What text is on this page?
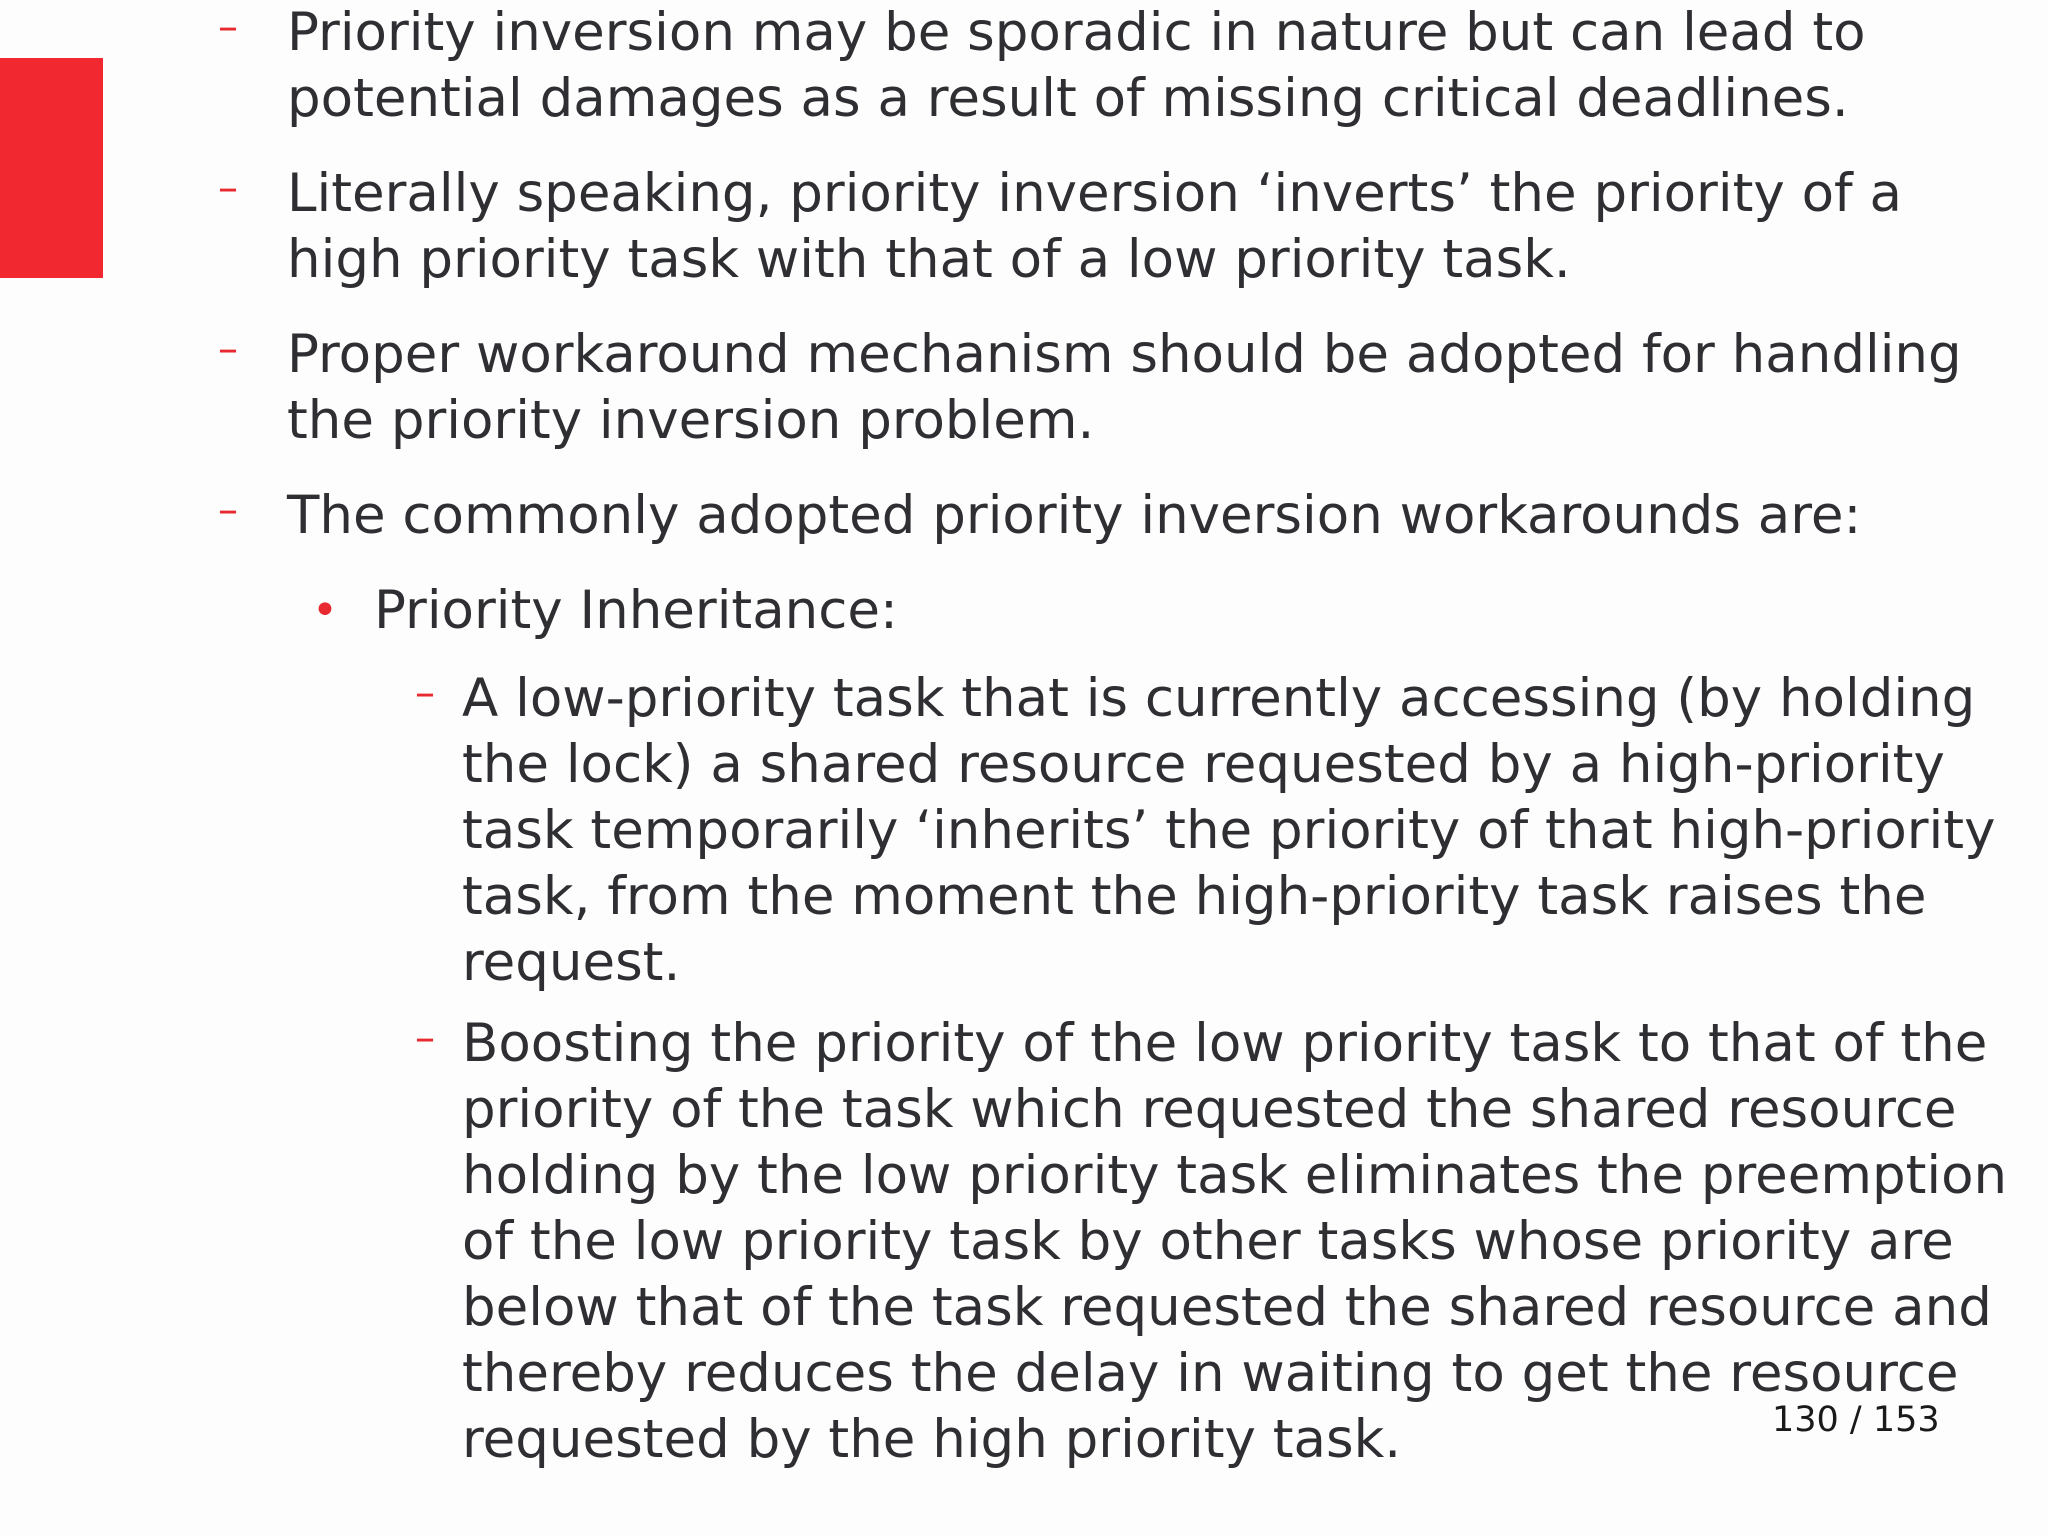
– Priority inversion may be sporadic in nature but can lead to potential damages as a result of missing critical deadlines.
– Literally speaking, priority inversion ‘inverts’ the priority of a high priority task with that of a low priority task.
– Proper workaround mechanism should be adopted for handling the priority inversion problem.
– The commonly adopted priority inversion workarounds are:
• Priority Inheritance:
– A low-priority task that is currently accessing (by holding the lock) a shared resource requested by a high-priority task temporarily ‘inherits’ the priority of that high-priority task, from the moment the high-priority task raises the request.
– Boosting the priority of the low priority task to that of the priority of the task which requested the shared resource holding by the low priority task eliminates the preemption of the low priority task by other tasks whose priority are below that of the task requested the shared resource and thereby reduces the delay in waiting to get the resource requested by the high priority task.	130 / 153
